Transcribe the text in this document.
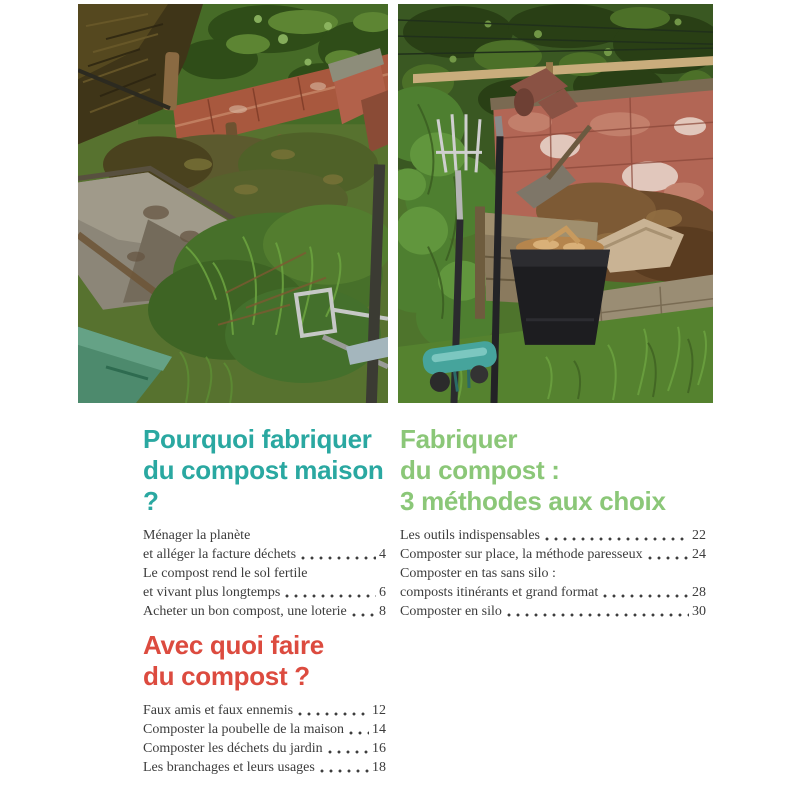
Pourquoi fabriquer
du compost maison ?
Ménager la planète
et alléger la facture déchets	4
Le compost rend le sol fertile
et vivant plus longtemps	6
Acheter un bon compost, une loterie 8
Avec quoi faire
du compost ?
Faux amis et faux ennemis	12
Composter la poubelle de la maison 14
Composter les déchets du jardin	16
Les branchages et leurs usages	18
Fabriquer
du compost :
3 méthodes aux choix
Les outils indispensables	22
Composter sur place, la méthode paresseux	24
Composter en tas sans silo :
composts itinérants et grand format	28
Composter en silo	30
